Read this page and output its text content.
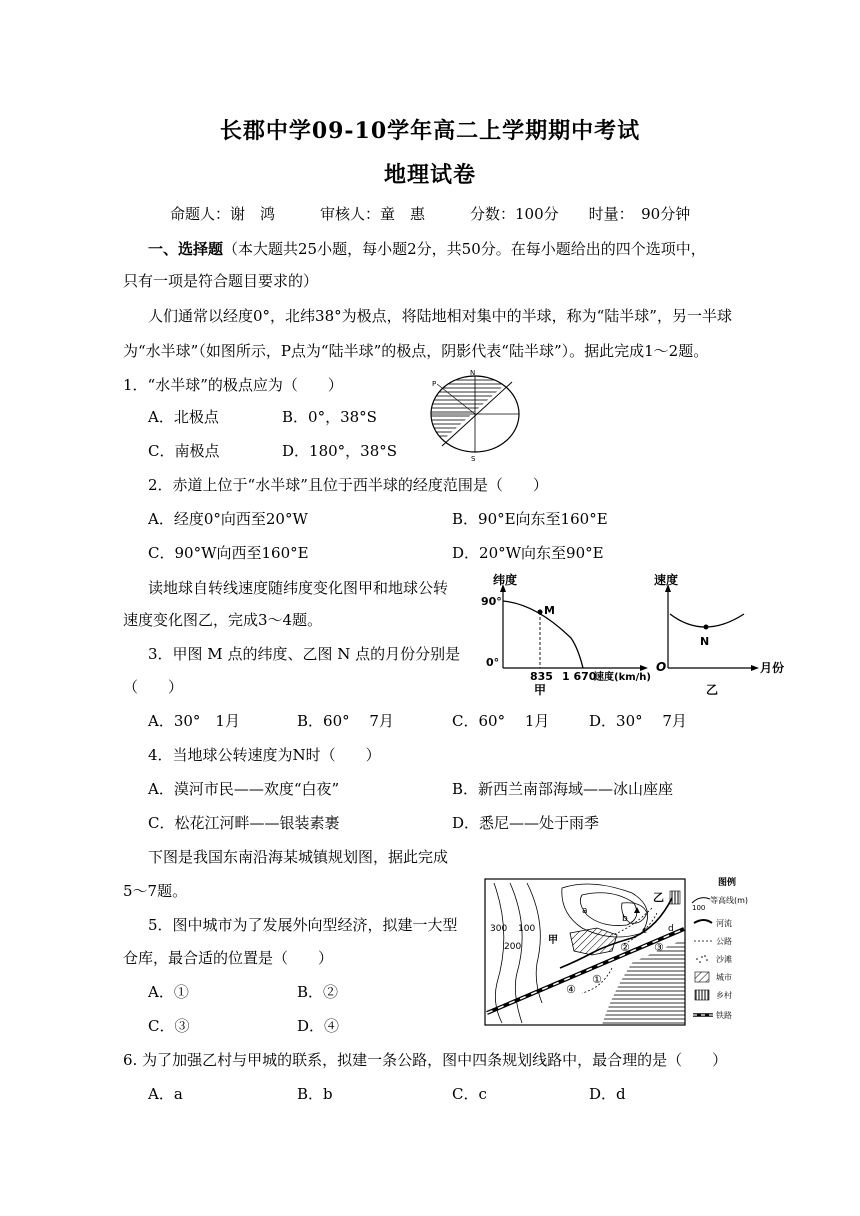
长郡中学09-10学年高二上学期期中考试
地理试卷
命题人：谢　鸿　　　审核人：童　惠　　　分数：100分　　时量：　90分钟
一、选择题（本大题共25小题，每小题2分，共50分。在每小题给出的四个选项中，
只有一项是符合题目要求的）
人们通常以经度0°，北纬38°为极点，将陆地相对集中的半球，称为“陆半球”，另一半球
为“水半球”（如图所示，P点为“陆半球”的极点，阴影代表“陆半球”）。据此完成1～2题。
1．“水半球”的极点应为（　　）
A．北极点	B．0°，38°S
C．南极点	D．180°，38°S
N
S
P
2．赤道上位于“水半球”且位于西半球的经度范围是（　　）
A．经度0°向西至20°W	B．90°E向东至160°E
C．90°W向西至160°E	D．20°W向东至90°E
读地球自转线速度随纬度变化图甲和地球公转
速度变化图乙，完成3～4题。
3．甲图 M 点的纬度、乙图 N 点的月份分别是
（　　）
纬度
90°
0°
M
835 1 670
速度(km/h)
甲
速度
O
N
月份
乙
A．30°　1月	B．60°　 7月	C．60°　 1月	D．30°　 7月
4．当地球公转速度为N时（　　）
A．漠河市民——欢度“白夜”	B．新西兰南部海域——冰山座座
C．松花江河畔——银装素裹	D．悉尼——处于雨季
下图是我国东南沿海某城镇规划图，据此完成
5～7题。
5．图中城市为了发展外向型经济，拟建一大型
仓库，最合适的位置是（　　）
A．①	B．②
C．③	D．④
300 100
200
甲
乙
a
b
c d
①
② ③
④
图例
100
等高线(m)
河流
公路
沙滩
城市
乡村
铁路
6. 为了加强乙村与甲城的联系，拟建一条公路，图中四条规划线路中，最合理的是（　　）
A．a	B．b	C．c	D．d
